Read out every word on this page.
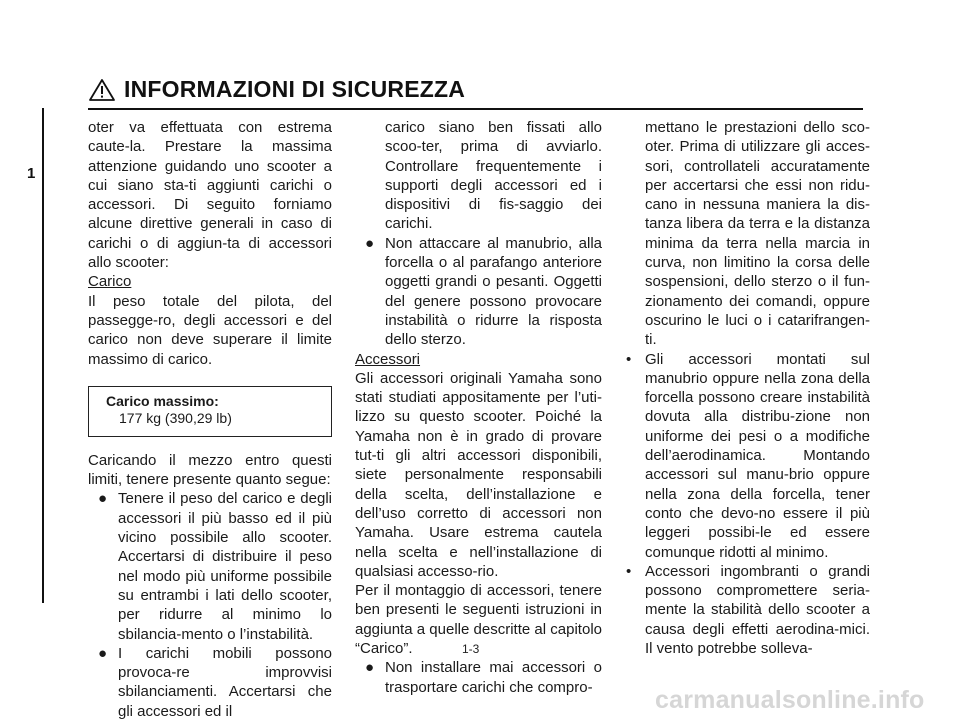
INFORMAZIONI DI SICUREZZA
1

oter va effettuata con estrema caute-la. Prestare la massima attenzione guidando uno scooter a cui siano sta-ti aggiunti carichi o accessori. Di seguito forniamo alcune direttive generali in caso di carichi o di aggiun-ta di accessori allo scooter:

Carico

Il peso totale del pilota, del passegge-ro, degli accessori e del carico non deve superare il limite massimo di carico.

Carico massimo:
177 kg (390,29 lb)

Caricando il mezzo entro questi limiti, tenere presente quanto segue:

● Tenere il peso del carico e degli accessori il più basso ed il più vicino possibile allo scooter. Accertarsi di distribuire il peso nel modo più uniforme possibile su entrambi i lati dello scooter, per ridurre al minimo lo sbilancia-mento o l’instabilità.

● I carichi mobili possono provoca-re improvvisi sbilanciamenti. Accertarsi che gli accessori ed il

carico siano ben fissati allo scoo-ter, prima di avviarlo. Controllare frequentemente i supporti degli accessori ed i dispositivi di fis-saggio dei carichi.

● Non attaccare al manubrio, alla forcella o al parafango anteriore oggetti grandi o pesanti. Oggetti del genere possono provocare instabilità o ridurre la risposta dello sterzo.

Accessori

Gli accessori originali Yamaha sono stati studiati appositamente per l’uti-lizzo su questo scooter. Poiché la Yamaha non è in grado di provare tut-ti gli altri accessori disponibili, siete personalmente responsabili della scelta, dell’installazione e dell’uso corretto di accessori non Yamaha. Usare estrema cautela nella scelta e nell’installazione di qualsiasi accesso-rio.

Per il montaggio di accessori, tenere ben presenti le seguenti istruzioni in aggiunta a quelle descritte al capitolo “Carico”.

● Non installare mai accessori o trasportare carichi che compro-

mettano le prestazioni dello sco-oter. Prima di utilizzare gli acces-sori, controllateli accuratamente per accertarsi che essi non ridu-cano in nessuna maniera la dis-tanza libera da terra e la distanza minima da terra nella marcia in curva, non limitino la corsa delle sospensioni, dello sterzo o il fun-zionamento dei comandi, oppure oscurino le luci o i catarifrangen-ti.

• Gli accessori montati sul manubrio oppure nella zona della forcella possono creare instabilità dovuta alla distribu-zione non uniforme dei pesi o a modifiche dell’aerodinamica. Montando accessori sul manu-brio oppure nella zona della forcella, tener conto che devo-no essere il più leggeri possibi-le ed essere comunque ridotti al minimo.

• Accessori ingombranti o grandi possono compromettere seria-mente la stabilità dello scooter a causa degli effetti aerodina-mici. Il vento potrebbe solleva-

1-3
carmanualsonline.info
